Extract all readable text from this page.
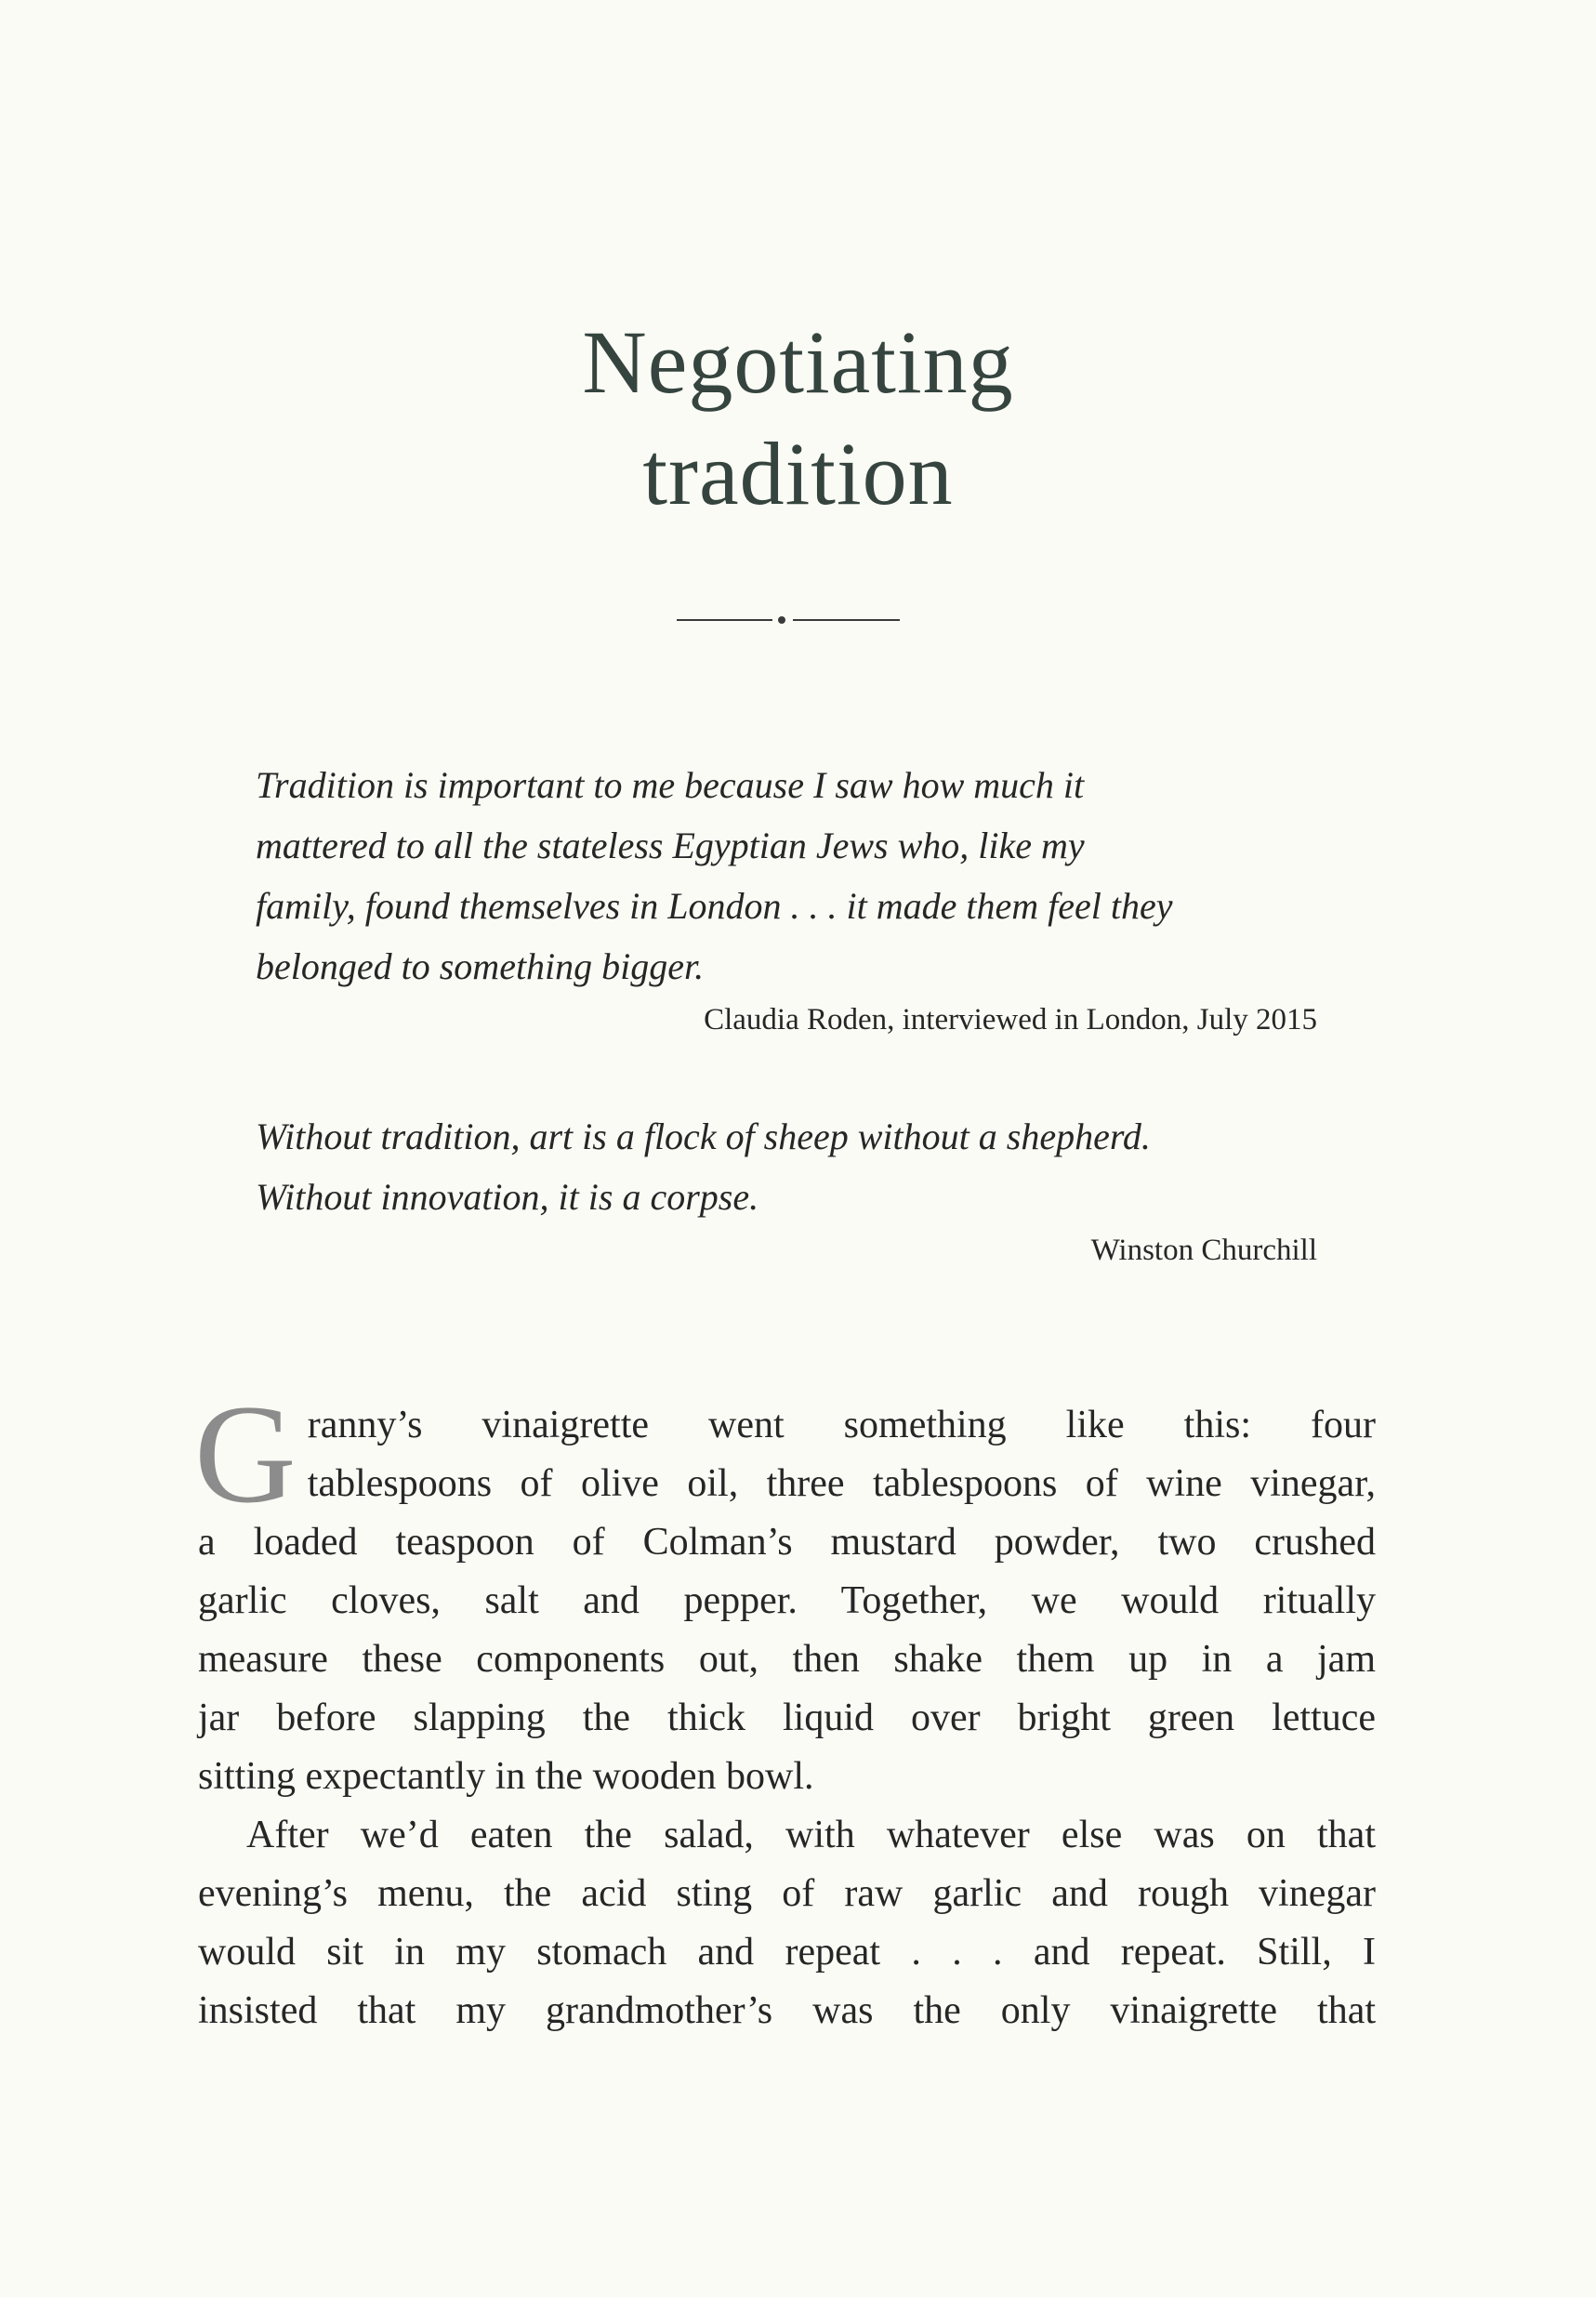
Negotiating
tradition

Tradition is important to me because I saw how much it
mattered to all the stateless Egyptian Jews who, like my
family, found themselves in London . . . it made them feel they
belonged to something bigger.

Claudia Roden, interviewed in London, July 2015

Without tradition, art is a flock of sheep without a shepherd.
Without innovation, it is a corpse.

Winston Churchill

G ranny’s vinaigrette went something like this: four
tablespoons of olive oil, three tablespoons of wine vinegar,
a loaded teaspoon of Colman’s mustard powder, two crushed
garlic cloves, salt and pepper. Together, we would ritually
measure these components out, then shake them up in a jam
jar before slapping the thick liquid over bright green lettuce
sitting expectantly in the wooden bowl.

After we’d eaten the salad, with whatever else was on that
evening’s menu, the acid sting of raw garlic and rough vinegar
would sit in my stomach and repeat . . . and repeat. Still, I
insisted that my grandmother’s was the only vinaigrette that
